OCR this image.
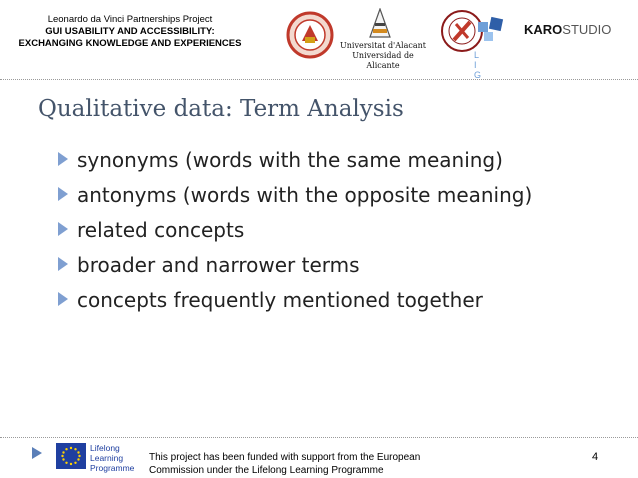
Leonardo da Vinci Partnerships Project
GUI USABILITY AND ACCESSIBILITY:
EXCHANGING KNOWLEDGE AND EXPERIENCES	Universitat d'Alacant
Universidad de Alicante
L I G
KAROSTUDIO
Qualitative data: Term Analysis
synonyms (words with the same meaning)
antonyms (words with the opposite meaning)
related concepts
broader and narrower terms
concepts frequently mentioned together
Lifelong
Learning
Programme
This project has been funded with support from the European
Commission under the Lifelong Learning Programme
4
